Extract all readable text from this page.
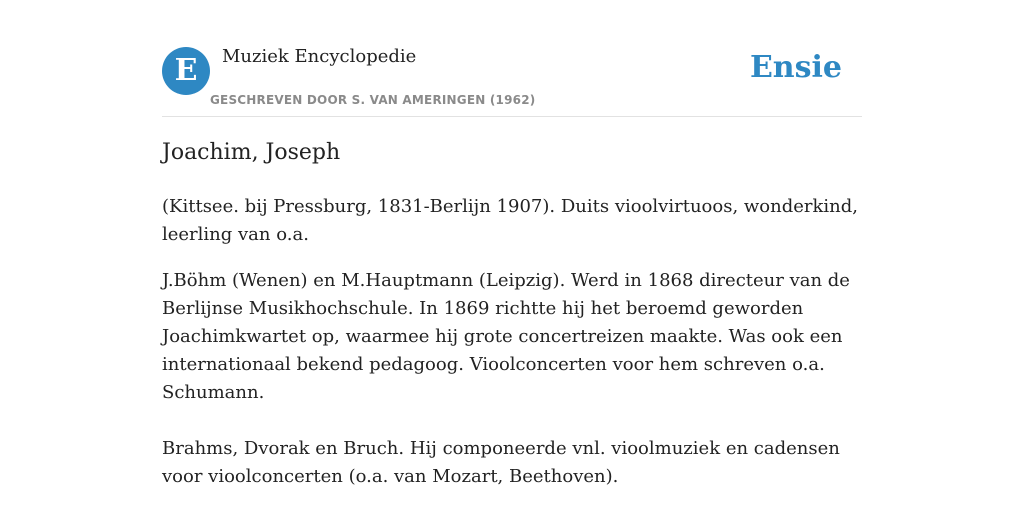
E	Muziek Encyclopedie
GESCHREVEN DOOR S. VAN AMERINGEN (1962)
Ensie
Joachim, Joseph

(Kittsee. bij Pressburg, 1831-Berlijn 1907). Duits vioolvirtuoos, wonderkind, leerling van o.a.

J.Böhm (Wenen) en M.Hauptmann (Leipzig). Werd in 1868 directeur van de Berlijnse Musikhochschule. In 1869 richtte hij het beroemd geworden Joachimkwartet op, waarmee hij grote concertreizen maakte. Was ook een internationaal bekend pedagoog. Vioolconcerten voor hem schreven o.a. Schumann.

Brahms, Dvorak en Bruch. Hij componeerde vnl. vioolmuziek en cadensen voor vioolconcerten (o.a. van Mozart, Beethoven).
